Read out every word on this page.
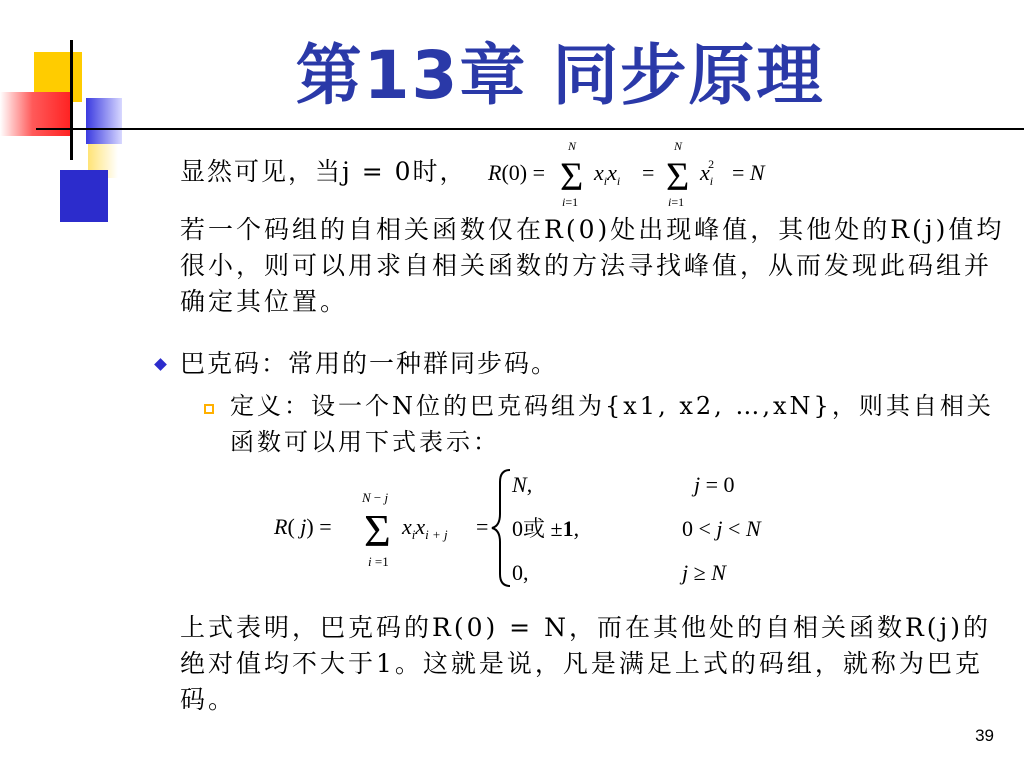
第13章 同步原理
显然可见，当j = 0时， R(0) = Σ
N
i=1
$x_ix_i = \Sigma$
N
i=1
$x_i2 = N$
若一个码组的自相关函数仅在R(0)处出现峰值，其他处的R(j)值均很小，则可以用求自相关函数的方法寻找峰值，从而发现此码组并确定其位置。
巴克码：常用的一种群同步码。
定义：设一个N位的巴克码组为{x1, x2, …,xN}，则其自相关函数可以用下式表示：
R( j) = Σ
N − j
i =1
$x_ix_{i + j}$ =
N,
0或 ±1,
0,
j = 0
0 < j < N
j ≥ N
上式表明，巴克码的R(0) = N，而在其他处的自相关函数R(j)的绝对值均不大于1。这就是说，凡是满足上式的码组，就称为巴克码。
39
